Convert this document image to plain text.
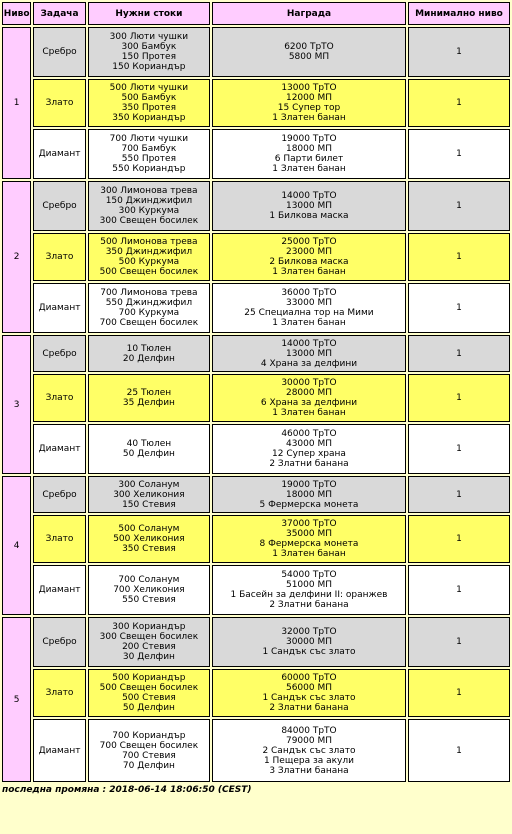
Ниво	Задача	Нужни стоки	Награда	Минимално ниво
1	Сребро	300 Люти чушки
300 Бамбук
150 Протея
150 Кориандър	6200 ТрТО
5800 МП	1
	Злато	500 Люти чушки
500 Бамбук
350 Протея
350 Кориандър	13000 ТрТО
12000 МП
15 Супер тор
1 Златен банан	1
	Диамант	700 Люти чушки
700 Бамбук
550 Протея
550 Кориандър	19000 ТрТО
18000 МП
6 Парти билет
1 Златен банан	1
2	Сребро	300 Лимонова трева
150 Джинджифил
300 Куркума
300 Свещен босилек	14000 ТрТО
13000 МП
1 Билкова маска	1
	Злато	500 Лимонова трева
350 Джинджифил
500 Куркума
500 Свещен босилек	25000 ТрТО
23000 МП
2 Билкова маска
1 Златен банан	1
	Диамант	700 Лимонова трева
550 Джинджифил
700 Куркума
700 Свещен босилек	36000 ТрТО
33000 МП
25 Специална тор на Мими
1 Златен банан	1
3	Сребро	10 Тюлен
20 Делфин	14000 ТрТО
13000 МП
4 Храна за делфини	1
	Злато	25 Тюлен
35 Делфин	30000 ТрТО
28000 МП
6 Храна за делфини
1 Златен банан	1
	Диамант	40 Тюлен
50 Делфин	46000 ТрТО
43000 МП
12 Супер храна
2 Златни банана	1
4	Сребро	300 Соланум
300 Хеликония
150 Стевия	19000 ТрТО
18000 МП
5 Фермерска монета	1
	Злато	500 Соланум
500 Хеликония
350 Стевия	37000 ТрТО
35000 МП
8 Фермерска монета
1 Златен банан	1
	Диамант	700 Соланум
700 Хеликония
550 Стевия	54000 ТрТО
51000 МП
1 Басейн за делфини II: оранжев
2 Златни банана	1
5	Сребро	300 Кориандър
300 Свещен босилек
200 Стевия
30 Делфин	32000 ТрТО
30000 МП
1 Сандък със злато	1
	Злато	500 Кориандър
500 Свещен босилек
500 Стевия
50 Делфин	60000 ТрТО
56000 МП
1 Сандък със злато
2 Златни банана	1
	Диамант	700 Кориандър
700 Свещен босилек
700 Стевия
70 Делфин	84000 ТрТО
79000 МП
2 Сандък със злато
1 Пещера за акули
3 Златни банана	1
последна промяна : 2018-06-14 18:06:50 (CEST)
